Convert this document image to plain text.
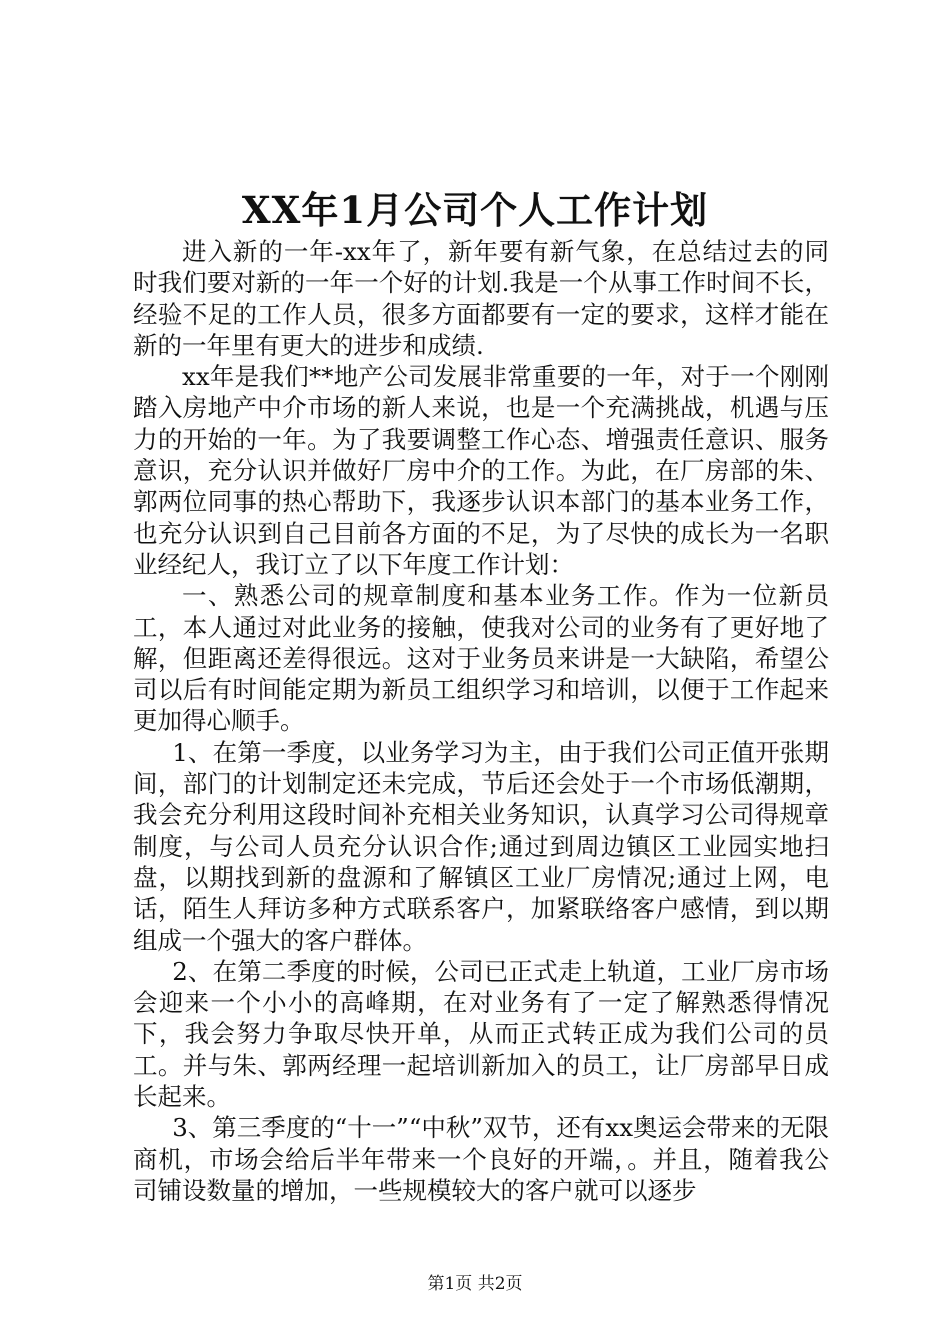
XX年1月公司个人工作计划

进入新的一年-xx年了，新年要有新气象，在总结过去的同时我们要对新的一年一个好的计划.我是一个从事工作时间不长，经验不足的工作人员，很多方面都要有一定的要求，这样才能在新的一年里有更大的进步和成绩.

xx年是我们**地产公司发展非常重要的一年，对于一个刚刚踏入房地产中介市场的新人来说，也是一个充满挑战，机遇与压力的开始的一年。为了我要调整工作心态、增强责任意识、服务意识，充分认识并做好厂房中介的工作。为此，在厂房部的朱、郭两位同事的热心帮助下，我逐步认识本部门的基本业务工作，也充分认识到自己目前各方面的不足，为了尽快的成长为一名职业经纪人，我订立了以下年度工作计划：

一、熟悉公司的规章制度和基本业务工作。作为一位新员工，本人通过对此业务的接触，使我对公司的业务有了更好地了解，但距离还差得很远。这对于业务员来讲是一大缺陷，希望公司以后有时间能定期为新员工组织学习和培训，以便于工作起来更加得心顺手。

1、在第一季度，以业务学习为主，由于我们公司正值开张期间，部门的计划制定还未完成，节后还会处于一个市场低潮期，我会充分利用这段时间补充相关业务知识，认真学习公司得规章制度，与公司人员充分认识合作;通过到周边镇区工业园实地扫盘，以期找到新的盘源和了解镇区工业厂房情况;通过上网，电话，陌生人拜访多种方式联系客户，加紧联络客户感情，到以期组成一个强大的客户群体。

2、在第二季度的时候，公司已正式走上轨道，工业厂房市场会迎来一个小小的高峰期，在对业务有了一定了解熟悉得情况下，我会努力争取尽快开单，从而正式转正成为我们公司的员工。并与朱、郭两经理一起培训新加入的员工，让厂房部早日成长起来。

3、第三季度的“十一”“中秋”双节，还有xx奥运会带来的无限商机，市场会给后半年带来一个良好的开端，。并且，随着我公司铺设数量的增加，一些规模较大的客户就可以逐步

第1页 共2页
